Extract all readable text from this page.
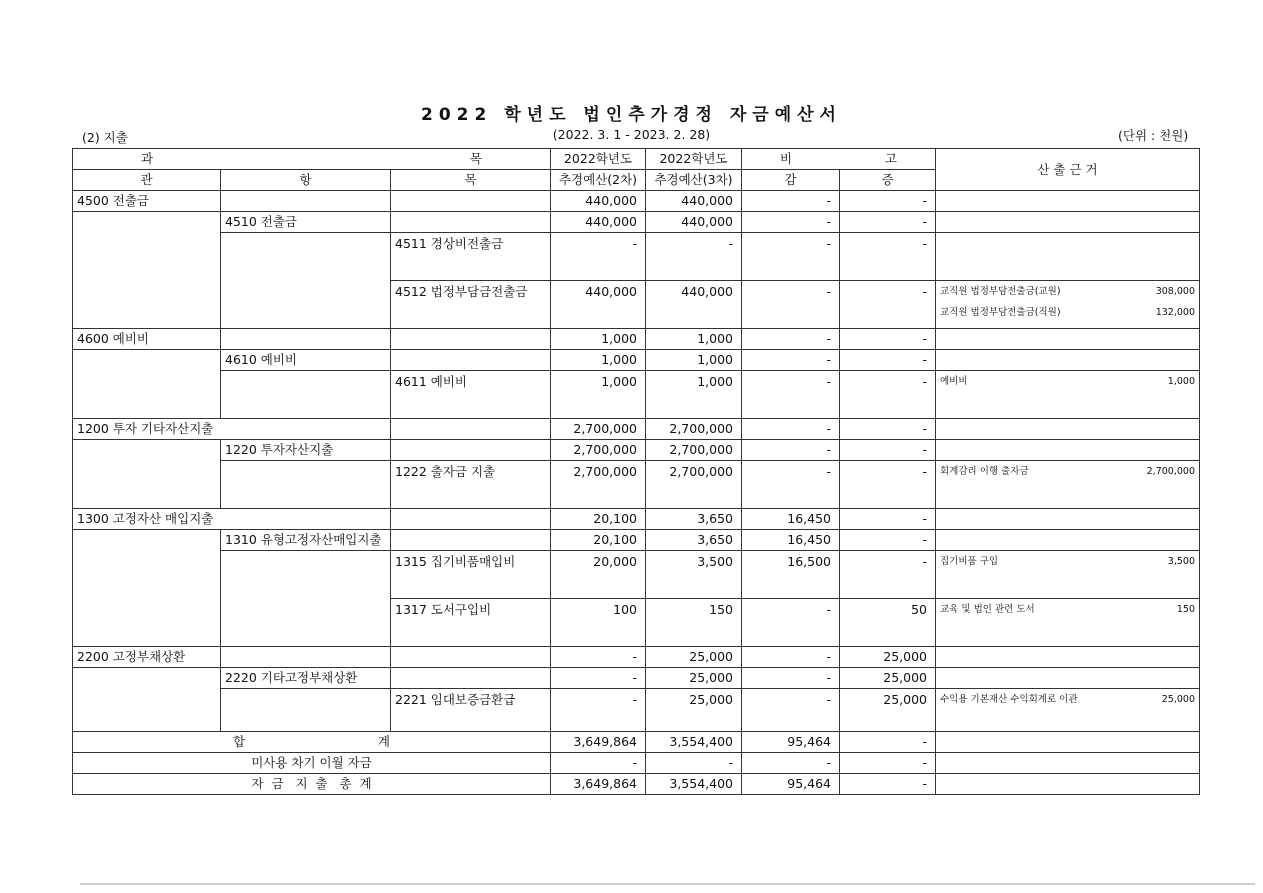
2022 학년도 법인추가경정 자금예산서
(2) 지출	(2022. 3. 1 - 2023. 2. 28)	(단위 : 천원)
과 목			2022학년도	2022학년도	비 고		산 출 근 거
관	항	목	추경예산(2차)	추경예산(3차)	감	증	
4500 전출금			440,000	440,000	-	-	
	4510 전출금		440,000	440,000	-	-	
		4511 경상비전출금	-	-	-	-	
		4512 법정부담금전출금	440,000	440,000	-	-	교직원 법정부담전출금(교원) 308,000
교직원 법정부담전출금(직원) 132,000

4600 예비비			1,000	1,000	-	-	
	4610 예비비		1,000	1,000	-	-	
		4611 예비비	1,000	1,000	-	-	예비비 1,000

1200 투자 기타자산지출			2,700,000	2,700,000	-	-	
	1220 투자자산지출		2,700,000	2,700,000	-	-	
		1222 출자금 지출	2,700,000	2,700,000	-	-	회계감리 이행 출자금 2,700,000

1300 고정자산 매입지출			20,100	3,650	16,450	-	
	1310 유형고정자산매입지출		20,100	3,650	16,450	-	
		1315 집기비품매입비	20,000	3,500	16,500	-	집기비품 구입 3,500

		1317 도서구입비	100	150	-	50	교육 및 법인 관련 도서 150

2200 고정부채상환			-	25,000	-	25,000	
	2220 기타고정부채상환		-	25,000	-	25,000	
		2221 임대보증금환급	-	25,000	-	25,000	수익용 기본재산 수익회계로 이관 25,000

합 계			3,649,864	3,554,400	95,464	-	
미사용 차기 이월 자금			-	-	-	-	
자  금   지  출   총  계			3,649,864	3,554,400	95,464	-	
